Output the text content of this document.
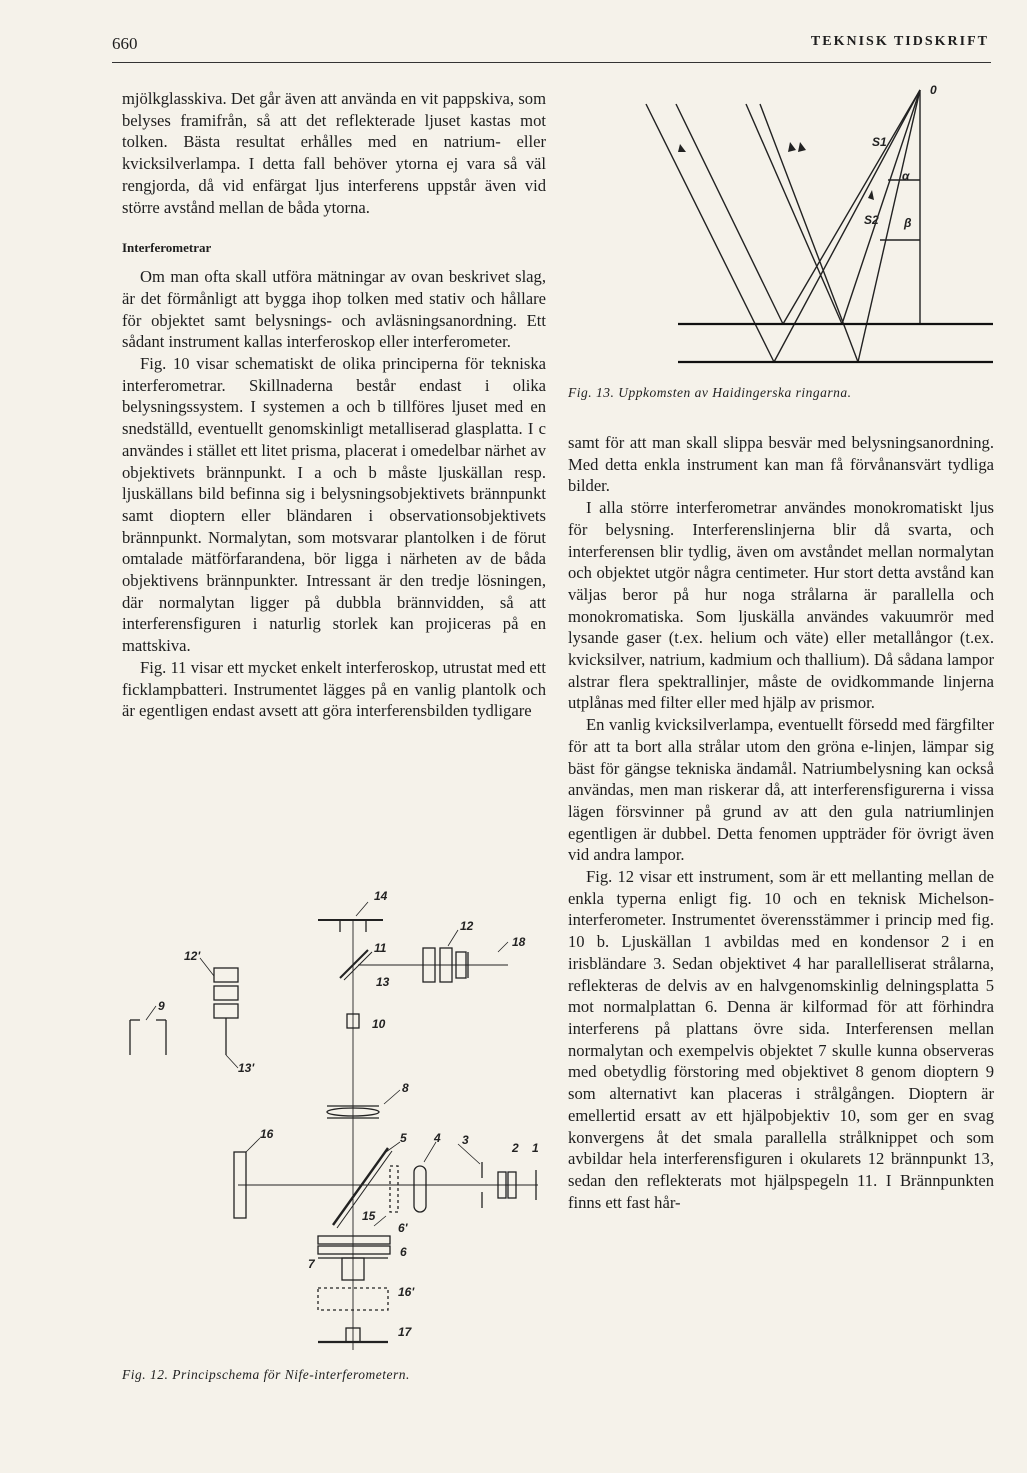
660	TEKNISK TIDSKRIFT

mjölkglasskiva. Det går även att använda en vit pappskiva, som belyses framifrån, så att det reflekterade ljuset kastas mot tolken. Bästa resultat erhålles med en natrium- eller kvicksilverlampa. I detta fall behöver ytorna ej vara så väl rengjorda, då vid enfärgat ljus interferens uppstår även vid större avstånd mellan de båda ytorna.

Interferometrar

Om man ofta skall utföra mätningar av ovan beskrivet slag, är det förmånligt att bygga ihop tolken med stativ och hållare för objektet samt belysnings- och avläsningsanordning. Ett sådant instrument kallas interferoskop eller interferometer.

Fig. 10 visar schematiskt de olika principerna för tekniska interferometrar. Skillnaderna består endast i olika belysningssystem. I systemen a och b tillföres ljuset med en snedställd, eventuellt genomskinligt metalliserad glasplatta. I c användes i stället ett litet prisma, placerat i omedelbar närhet av objektivets brännpunkt. I a och b måste ljuskällan resp. ljuskällans bild befinna sig i belysningsobjektivets brännpunkt samt dioptern eller bländaren i observationsobjektivets brännpunkt. Normalytan, som motsvarar plantolken i de förut omtalade mätförfarandena, bör ligga i närheten av de båda objektivens brännpunkter. Intressant är den tredje lösningen, där normalytan ligger på dubbla brännvidden, så att interferensfiguren i naturlig storlek kan projiceras på en mattskiva.

Fig. 11 visar ett mycket enkelt interferoskop, utrustat med ett ficklampbatteri. Instrumentet lägges på en vanlig plantolk och är egentligen endast avsett att göra interferensbilden tydligare

0
S1
S2
α
β
Fig. 13. Uppkomsten av Haidingerska ringarna.

samt för att man skall slippa besvär med belysningsanordning. Med detta enkla instrument kan man få förvånansvärt tydliga bilder.

I alla större interferometrar användes monokromatiskt ljus för belysning. Interferenslinjerna blir då svarta, och interferensen blir tydlig, även om avståndet mellan normalytan och objektet utgör några centimeter. Hur stort detta avstånd kan väljas beror på hur noga strålarna är parallella och monokromatiska. Som ljuskälla användes vakuumrör med lysande gaser (t.ex. helium och väte) eller metallångor (t.ex. kvicksilver, natrium, kadmium och thallium). Då sådana lampor alstrar flera spektrallinjer, måste de ovidkommande linjerna utplånas med filter eller med hjälp av prismor.

En vanlig kvicksilverlampa, eventuellt försedd med färgfilter för att ta bort alla strålar utom den gröna e-linjen, lämpar sig bäst för gängse tekniska ändamål. Natriumbelysning kan också användas, men man riskerar då, att interferensfigurerna i vissa lägen försvinner på grund av att den gula natriumlinjen egentligen är dubbel. Detta fenomen uppträder för övrigt även vid andra lampor.

Fig. 12 visar ett instrument, som är ett mellanting mellan de enkla typerna enligt fig. 10 och en teknisk Michelson-interferometer. Instrumentet överensstämmer i princip med fig. 10 b. Ljuskällan 1 avbildas med en kondensor 2 i en irisbländare 3. Sedan objektivet 4 har parallelliserat strålarna, reflekteras de delvis av en halvgenomskinlig delningsplatta 5 mot normalplattan 6. Denna är kilformad för att förhindra interferens på plattans övre sida. Interferensen mellan normalytan och exempelvis objektet 7 skulle kunna observeras med obetydlig förstoring med objektivet 8 genom dioptern 9 som alternativt kan placeras i strålgången. Dioptern är emellertid ersatt av ett hjälpobjektiv 10, som ger en svag konvergens åt det smala parallella strålknippet och som avbildar hela interferensfiguren i okularets 12 brännpunkt 13, sedan den reflekterats mot hjälpspegeln 11. I Brännpunkten finns ett fast hår-

14
12
18
12'
11
13
9
10
13'
8
16	5 4 3
2 1
15
6'
6
7
16'
17
Fig. 12. Principschema för Nife-interferometern.
